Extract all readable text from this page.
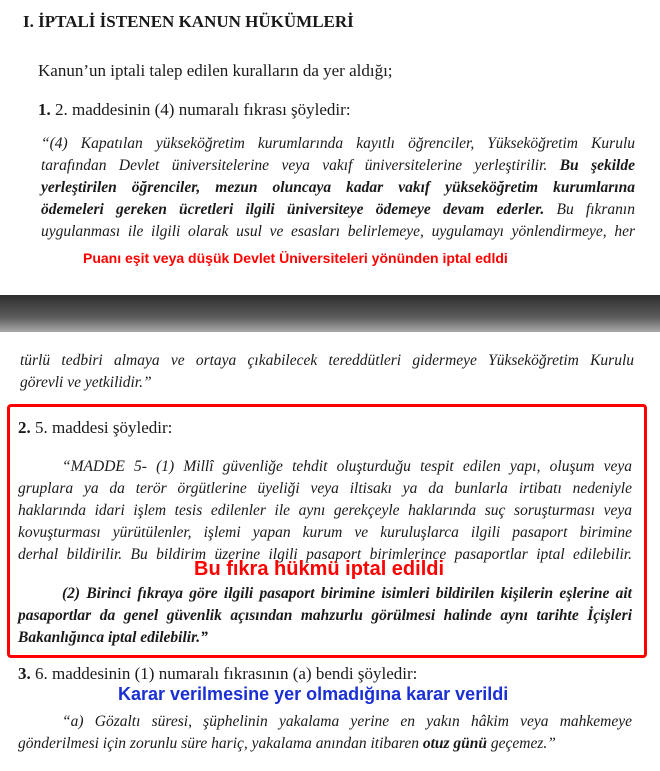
I. İPTALİ İSTENEN KANUN HÜKÜMLERİ
Kanun’un iptali talep edilen kuralların da yer aldığı;
1. 2. maddesinin (4) numaralı fıkrası şöyledir:
“(4) Kapatılan yükseköğretim kurumlarında kayıtlı öğrenciler, Yükseköğretim Kurulu
tarafından Devlet üniversitelerine veya vakıf üniversitelerine yerleştirilir. Bu şekilde
yerleştirilen öğrenciler, mezun oluncaya kadar vakıf yükseköğretim kurumlarına
ödemeleri gereken ücretleri ilgili üniversiteye ödemeye devam ederler. Bu fıkranın
uygulanması ile ilgili olarak usul ve esasları belirlemeye, uygulamayı yönlendirmeye, her
Puanı eşit veya düşük Devlet Üniversiteleri yönünden iptal edldi
türlü tedbiri almaya ve ortaya çıkabilecek tereddütleri gidermeye Yükseköğretim Kurulu
görevli ve yetkilidir.”
2. 5. maddesi şöyledir:
“MADDE 5- (1) Millî güvenliğe tehdit oluşturduğu tespit edilen yapı, oluşum veya
gruplara ya da terör örgütlerine üyeliği veya iltisakı ya da bunlarla irtibatı nedeniyle
haklarında idari işlem tesis edilenler ile aynı gerekçeyle haklarında suç soruşturması veya
kovuşturması yürütülenler, işlemi yapan kurum ve kuruluşlarca ilgili pasaport birimine
derhal bildirilir. Bu bildirim üzerine ilgili pasaport birimlerince pasaportlar iptal edilebilir.
Bu fıkra hükmü iptal edildi
(2) Birinci fıkraya göre ilgili pasaport birimine isimleri bildirilen kişilerin eşlerine ait
pasaportlar da genel güvenlik açısından mahzurlu görülmesi halinde aynı tarihte İçişleri
Bakanlığınca iptal edilebilir.”
3. 6. maddesinin (1) numaralı fıkrasının (a) bendi şöyledir:
Karar verilmesine yer olmadığına karar verildi
“a) Gözaltı süresi, şüphelinin yakalama yerine en yakın hâkim veya mahkemeye
gönderilmesi için zorunlu süre hariç, yakalama anından itibaren otuz günü geçemez.”
